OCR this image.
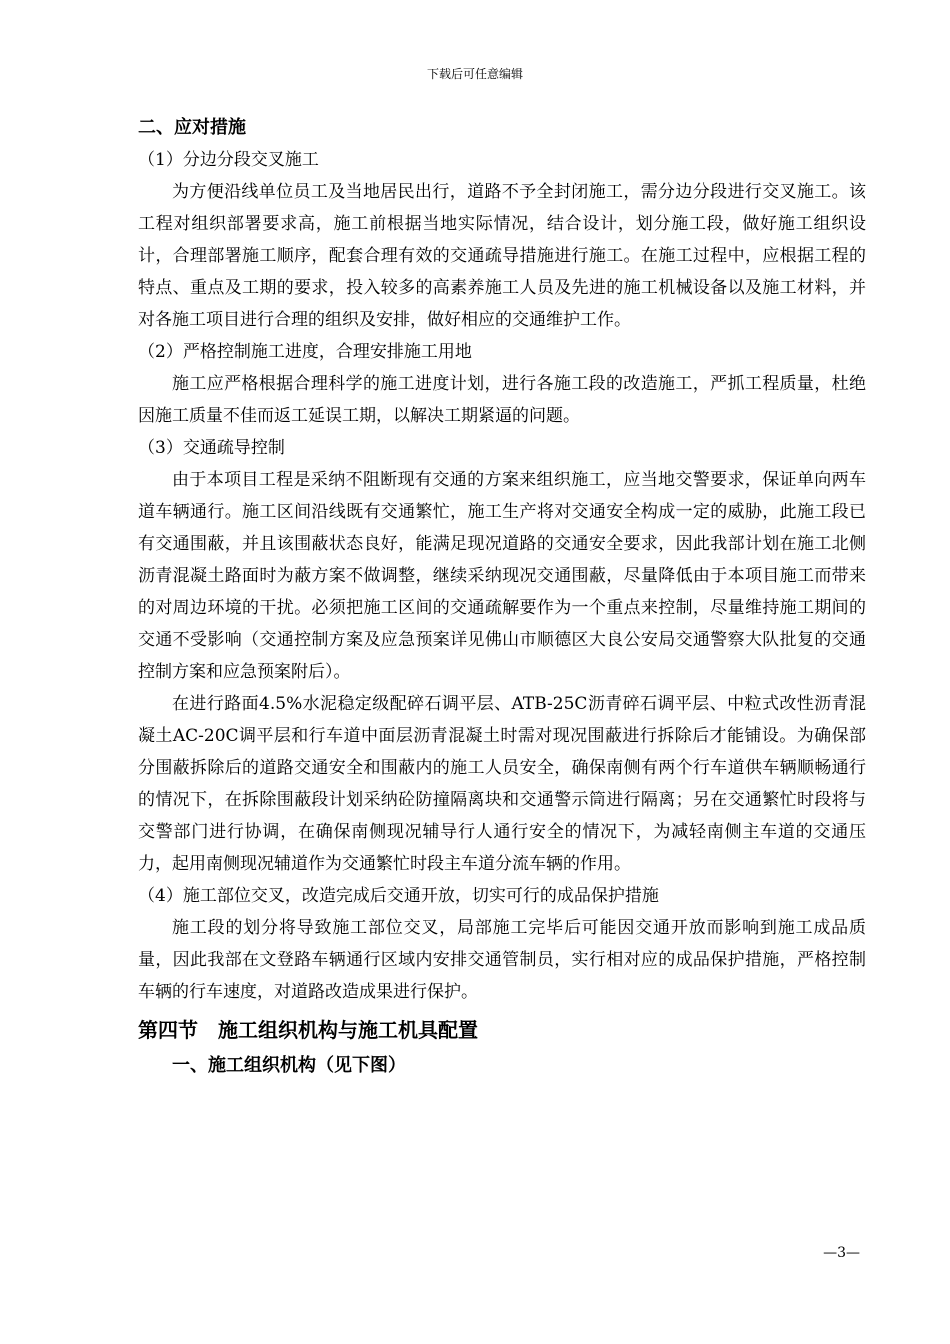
下载后可任意编辑

二、应对措施

（1）分边分段交叉施工

为方便沿线单位员工及当地居民出行，道路不予全封闭施工，需分边分段进行交叉施工。该工程对组织部署要求高，施工前根据当地实际情况，结合设计，划分施工段，做好施工组织设计，合理部署施工顺序，配套合理有效的交通疏导措施进行施工。在施工过程中，应根据工程的特点、重点及工期的要求，投入较多的高素养施工人员及先进的施工机械设备以及施工材料，并对各施工项目进行合理的组织及安排，做好相应的交通维护工作。

（2）严格控制施工进度，合理安排施工用地

施工应严格根据合理科学的施工进度计划，进行各施工段的改造施工，严抓工程质量，杜绝因施工质量不佳而返工延误工期，以解决工期紧逼的问题。

（3）交通疏导控制

由于本项目工程是采纳不阻断现有交通的方案来组织施工，应当地交警要求，保证单向两车道车辆通行。施工区间沿线既有交通繁忙，施工生产将对交通安全构成一定的威胁，此施工段已有交通围蔽，并且该围蔽状态良好，能满足现况道路的交通安全要求，因此我部计划在施工北侧沥青混凝土路面时为蔽方案不做调整，继续采纳现况交通围蔽，尽量降低由于本项目施工而带来的对周边环境的干扰。必须把施工区间的交通疏解要作为一个重点来控制，尽量维持施工期间的交通不受影响（交通控制方案及应急预案详见佛山市顺德区大良公安局交通警察大队批复的交通控制方案和应急预案附后）。

在进行路面4.5%水泥稳定级配碎石调平层、ATB-25C沥青碎石调平层、中粒式改性沥青混凝土AC-20C调平层和行车道中面层沥青混凝土时需对现况围蔽进行拆除后才能铺设。为确保部分围蔽拆除后的道路交通安全和围蔽内的施工人员安全，确保南侧有两个行车道供车辆顺畅通行的情况下，在拆除围蔽段计划采纳砼防撞隔离块和交通警示筒进行隔离；另在交通繁忙时段将与交警部门进行协调，在确保南侧现况辅导行人通行安全的情况下，为减轻南侧主车道的交通压力，起用南侧现况辅道作为交通繁忙时段主车道分流车辆的作用。

（4）施工部位交叉，改造完成后交通开放，切实可行的成品保护措施

施工段的划分将导致施工部位交叉，局部施工完毕后可能因交通开放而影响到施工成品质量，因此我部在文登路车辆通行区域内安排交通管制员，实行相对应的成品保护措施，严格控制车辆的行车速度，对道路改造成果进行保护。

第四节　施工组织机构与施工机具配置

一、施工组织机构（见下图）

—3—
